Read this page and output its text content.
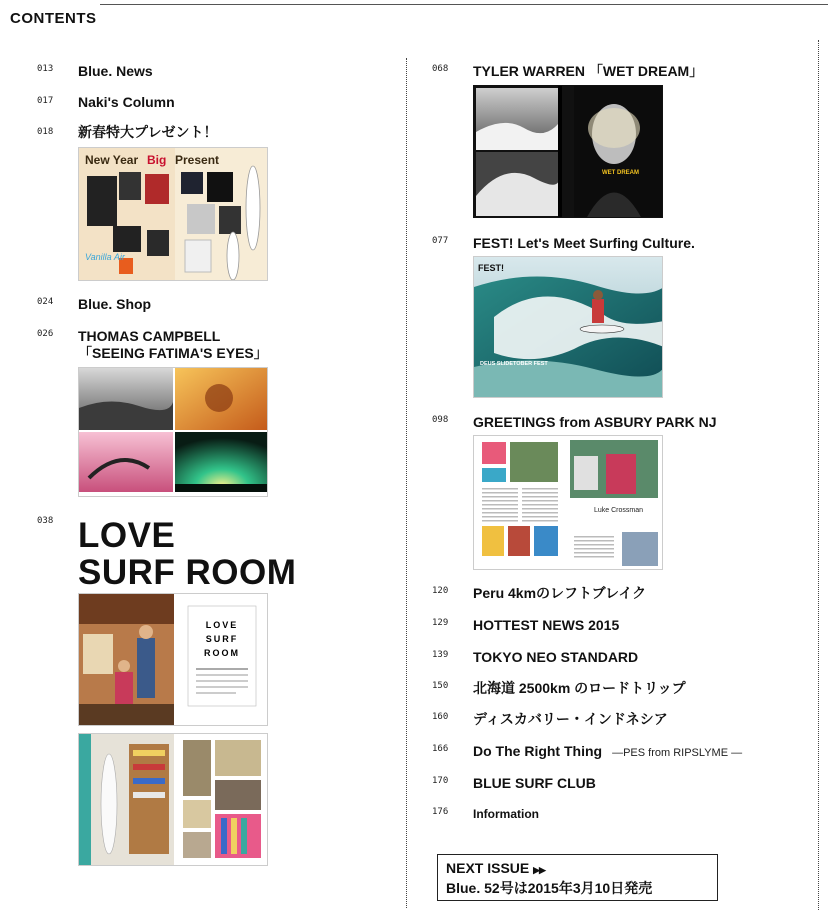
CONTENTS
013 Blue. News
017 Naki's Column
018 新春特大プレゼント！
New Year Big Present
Vanilla Air
024 Blue. Shop
026 THOMAS CAMPBELL
「SEEING FATIMA'S EYES」
038 LOVE
SURF ROOM
LOVE
SURF
ROOM
068 TYLER WARREN 「WET DREAM」
WET DREAM
077 FEST! Let's Meet Surfing Culture.
FEST!
DEUS SLIDETOBER FEST
098 GREETINGS from ASBURY PARK NJ
Luke Crossman
120 Peru 4kmのレフトブレイク
129 HOTTEST NEWS 2015
139 TOKYO NEO STANDARD
150 北海道 2500km のロードトリップ
160 ディスカバリー・インドネシア
166 Do The Right Thing —PES from RIPSLYME —
170 BLUE SURF CLUB
176 Information
NEXT ISSUE ▶▶
Blue. 52号は2015年3月10日発売
